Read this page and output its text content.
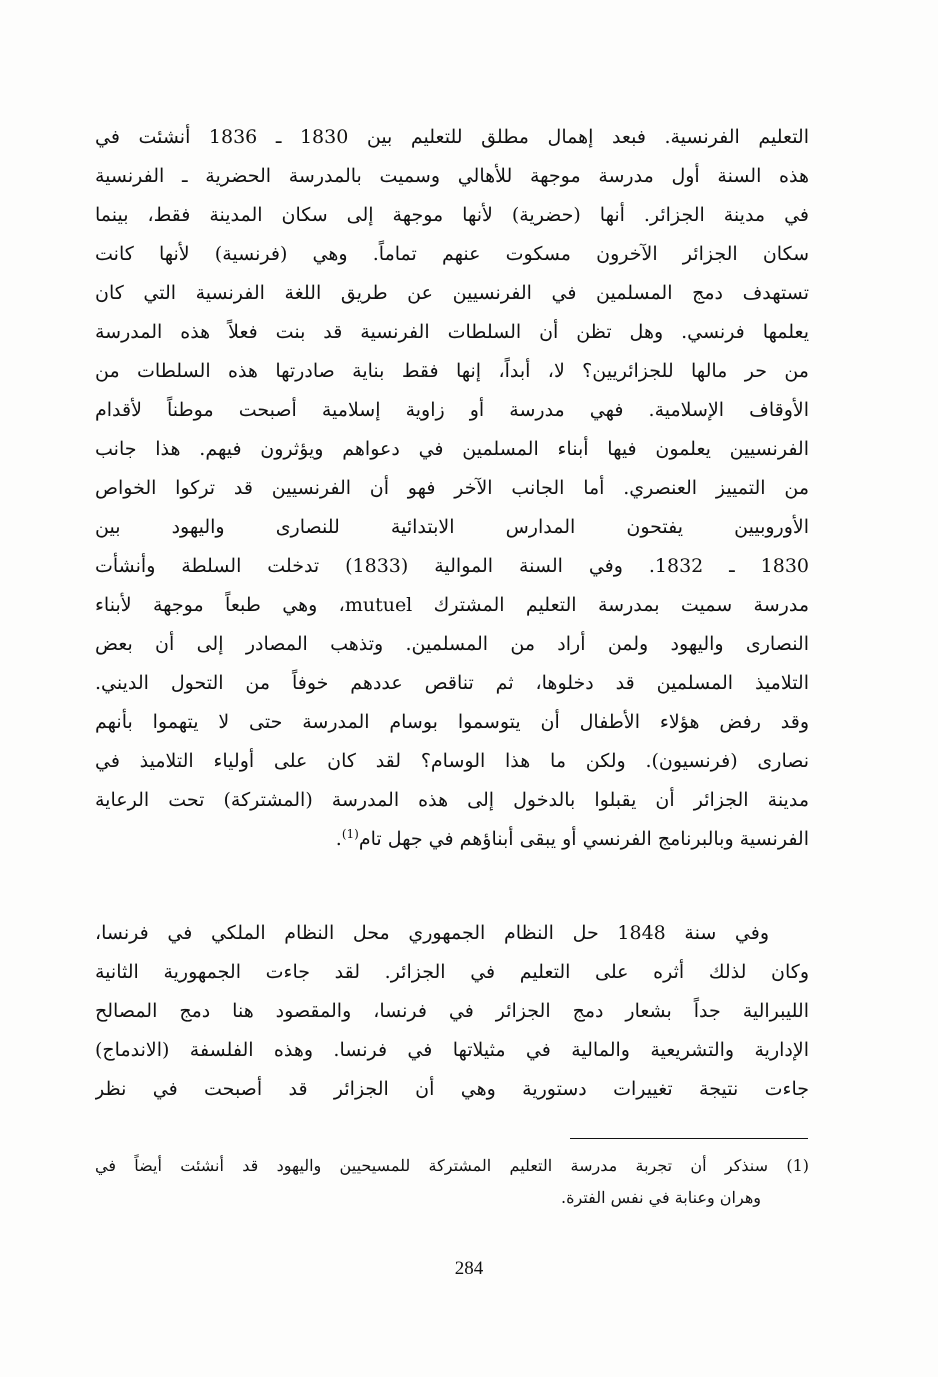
التعليم الفرنسية. فبعد إهمال مطلق للتعليم بين 1830 ـ 1836 أنشئت في
هذه السنة أول مدرسة موجهة للأهالي وسميت بالمدرسة الحضرية ـ الفرنسية
في مدينة الجزائر. أنها (حضرية) لأنها موجهة إلى سكان المدينة فقط، بينما
سكان الجزائر الآخرون مسكوت عنهم تماماً. وهي (فرنسية) لأنها كانت
تستهدف دمج المسلمين في الفرنسيين عن طريق اللغة الفرنسية التي كان
يعلمها فرنسي. وهل تظن أن السلطات الفرنسية قد بنت فعلاً هذه المدرسة
من حر مالها للجزائريين؟ لا، أبداً، إنها فقط بناية صادرتها هذه السلطات من
الأوقاف الإسلامية. فهي مدرسة أو زاوية إسلامية أصبحت موطناً لأقدام
الفرنسيين يعلمون فيها أبناء المسلمين في دعواهم ويؤثرون فيهم. هذا جانب
من التمييز العنصري. أما الجانب الآخر فهو أن الفرنسيين قد تركوا الخواص
الأوروبيين يفتحون المدارس الابتدائية للنصارى واليهود بين
1830 ـ 1832. وفي السنة الموالية (1833) تدخلت السلطة وأنشأت
مدرسة سميت بمدرسة التعليم المشترك mutuel، وهي طبعاً موجهة لأبناء
النصارى واليهود ولمن أراد من المسلمين. وتذهب المصادر إلى أن بعض
التلاميذ المسلمين قد دخلوها، ثم تناقص عددهم خوفاً من التحول الديني.
وقد رفض هؤلاء الأطفال أن يتوسموا بوسام المدرسة حتى لا يتهموا بأنهم
نصارى (فرنسيون). ولكن ما هذا الوسام؟ لقد كان على أولياء التلاميذ في
مدينة الجزائر أن يقبلوا بالدخول إلى هذه المدرسة (المشتركة) تحت الرعاية
الفرنسية وبالبرنامج الفرنسي أو يبقى أبناؤهم في جهل تام$^{(1)}$.
وفي سنة 1848 حل النظام الجمهوري محل النظام الملكي في فرنسا،
وكان لذلك أثره على التعليم في الجزائر. لقد جاءت الجمهورية الثانية
الليبرالية جداً بشعار دمج الجزائر في فرنسا، والمقصود هنا دمج المصالح
الإدارية والتشريعية والمالية في مثيلاتها في فرنسا. وهذه الفلسفة (الاندماج)
جاءت نتيجة تغييرات دستورية وهي أن الجزائر قد أصبحت في نظر
(1) سنذكر أن تجربة مدرسة التعليم المشتركة للمسيحيين واليهود قد أنشئت أيضاً في
وهران وعنابة في نفس الفترة.
284
